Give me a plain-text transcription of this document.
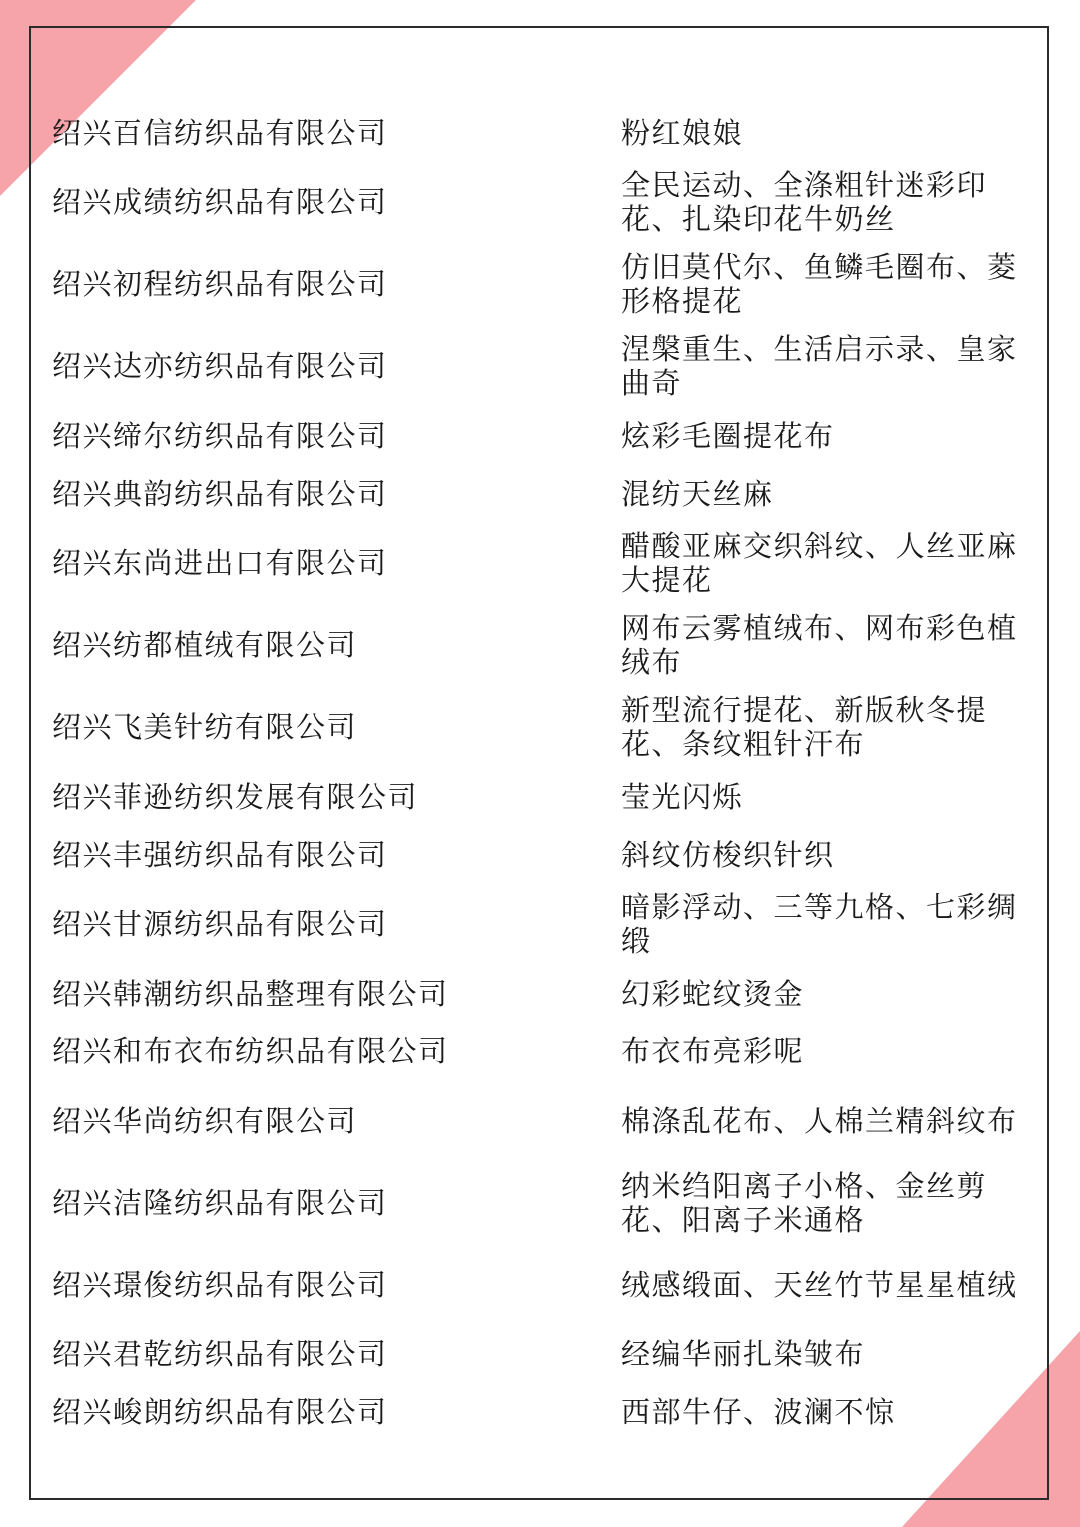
绍兴百信纺织品有限公司	粉红娘娘
绍兴成绩纺织品有限公司	全民运动、全涤粗针迷彩印花、扎染印花牛奶丝
绍兴初程纺织品有限公司	仿旧莫代尔、鱼鳞毛圈布、菱形格提花
绍兴达亦纺织品有限公司	涅槃重生、生活启示录、皇家曲奇
绍兴缔尔纺织品有限公司	炫彩毛圈提花布
绍兴典韵纺织品有限公司	混纺天丝麻
绍兴东尚进出口有限公司	醋酸亚麻交织斜纹、人丝亚麻大提花
绍兴纺都植绒有限公司	网布云雾植绒布、网布彩色植绒布
绍兴飞美针纺有限公司	新型流行提花、新版秋冬提花、条纹粗针汗布
绍兴菲逊纺织发展有限公司	莹光闪烁
绍兴丰强纺织品有限公司	斜纹仿梭织针织
绍兴甘源纺织品有限公司	暗影浮动、三等九格、七彩绸缎
绍兴韩潮纺织品整理有限公司	幻彩蛇纹烫金
绍兴和布衣布纺织品有限公司	布衣布亮彩呢
绍兴华尚纺织有限公司	棉涤乱花布、人棉兰精斜纹布
绍兴洁隆纺织品有限公司	纳米绉阳离子小格、金丝剪花、阳离子米通格
绍兴璟俊纺织品有限公司	绒感缎面、天丝竹节星星植绒
绍兴君乾纺织品有限公司	经编华丽扎染皱布
绍兴峻朗纺织品有限公司	西部牛仔、波澜不惊
